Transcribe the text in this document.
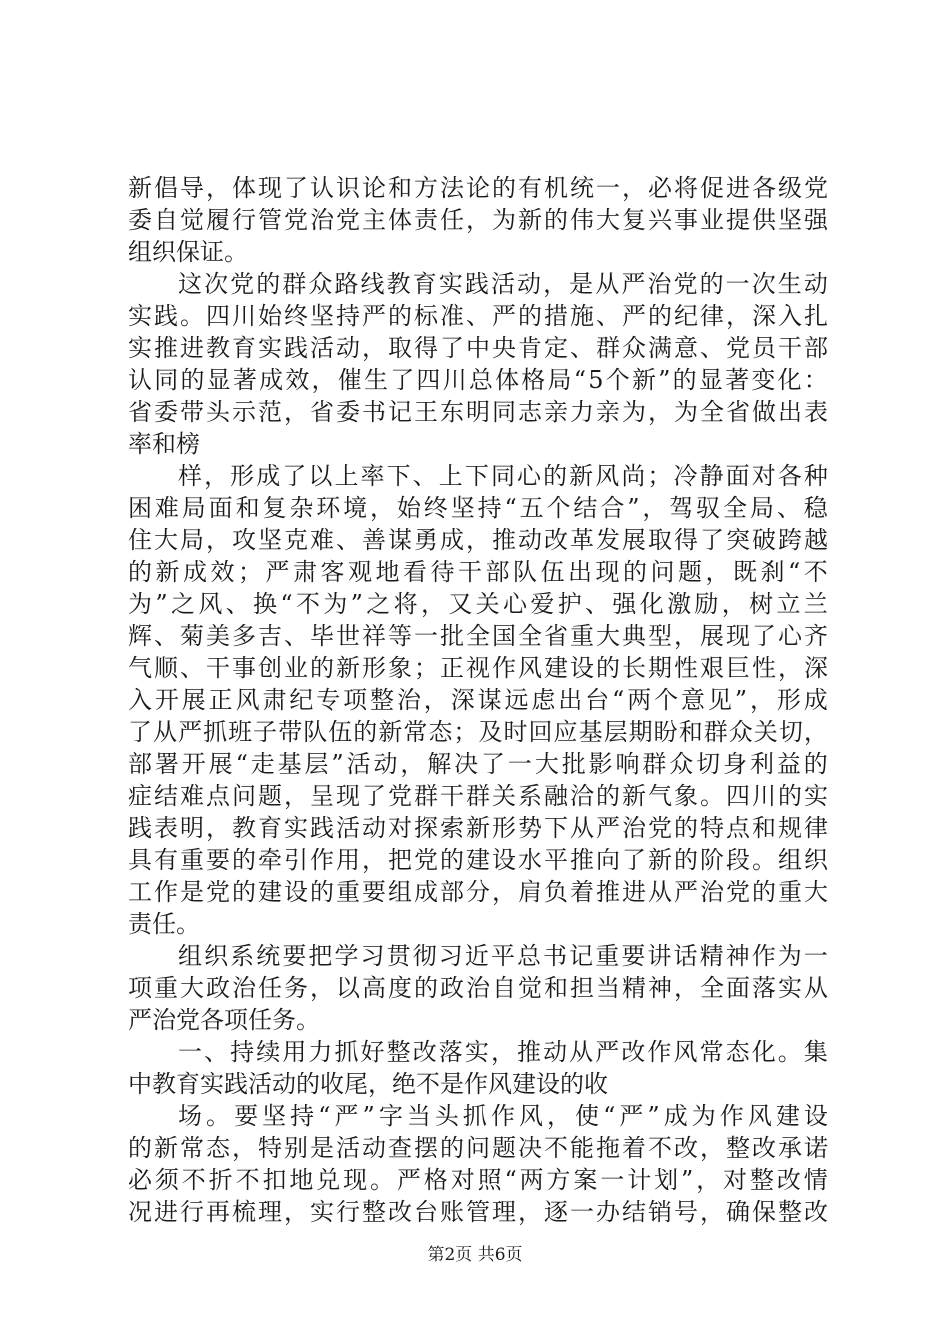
新 倡 导 ， 体 现 了 认 识 论 和 方 法 论 的 有 机 统 一 ， 必 将 促 进 各 级 党
委 自 觉 履 行 管 党 治 党 主 体 责 任 ， 为 新 的 伟 大 复 兴 事 业 提 供 坚 强
组 织 保 证 。
这 次 党 的 群 众 路 线 教 育 实 践 活 动 ， 是 从 严 治 党 的 一 次 生 动
实 践 。 四 川 始 终 坚 持 严 的 标 准 、 严 的 措 施 、 严 的 纪 律 ， 深 入 扎
实 推 进 教 育 实 践 活 动 ， 取 得 了 中 央 肯 定 、 群 众 满 意 、 党 员 干 部
认 同 的 显 著 成 效 ， 催 生 了 四 川 总 体 格 局 “ 5 个 新 ” 的 显 著 变 化 ：
省 委 带 头 示 范 ， 省 委 书 记 王 东 明 同 志 亲 力 亲 为 ， 为 全 省 做 出 表
率 和 榜
样 ， 形 成 了 以 上 率 下 、 上 下 同 心 的 新 风 尚 ； 冷 静 面 对 各 种
困 难 局 面 和 复 杂 环 境 ， 始 终 坚 持 “ 五 个 结 合 ” ， 驾 驭 全 局 、 稳
住 大 局 ， 攻 坚 克 难 、 善 谋 勇 成 ， 推 动 改 革 发 展 取 得 了 突 破 跨 越
的 新 成 效 ； 严 肃 客 观 地 看 待 干 部 队 伍 出 现 的 问 题 ， 既 刹 “ 不
为 ” 之 风 、 换 “ 不 为 ” 之 将 ， 又 关 心 爱 护 、 强 化 激 励 ， 树 立 兰
辉 、 菊 美 多 吉 、 毕 世 祥 等 一 批 全 国 全 省 重 大 典 型 ， 展 现 了 心 齐
气 顺 、 干 事 创 业 的 新 形 象 ； 正 视 作 风 建 设 的 长 期 性 艰 巨 性 ， 深
入 开 展 正 风 肃 纪 专 项 整 治 ， 深 谋 远 虑 出 台 “ 两 个 意 见 ” ， 形 成
了 从 严 抓 班 子 带 队 伍 的 新 常 态 ； 及 时 回 应 基 层 期 盼 和 群 众 关 切 ，
部 署 开 展 “ 走 基 层 ” 活 动 ， 解 决 了 一 大 批 影 响 群 众 切 身 利 益 的
症 结 难 点 问 题 ， 呈 现 了 党 群 干 群 关 系 融 洽 的 新 气 象 。 四 川 的 实
践 表 明 ， 教 育 实 践 活 动 对 探 索 新 形 势 下 从 严 治 党 的 特 点 和 规 律
具 有 重 要 的 牵 引 作 用 ， 把 党 的 建 设 水 平 推 向 了 新 的 阶 段 。 组 织
工 作 是 党 的 建 设 的 重 要 组 成 部 分 ， 肩 负 着 推 进 从 严 治 党 的 重 大
责 任 。
组 织 系 统 要 把 学 习 贯 彻 习 近 平 总 书 记 重 要 讲 话 精 神 作 为 一
项 重 大 政 治 任 务 ， 以 高 度 的 政 治 自 觉 和 担 当 精 神 ， 全 面 落 实 从
严 治 党 各 项 任 务 。
一 、 持 续 用 力 抓 好 整 改 落 实 ， 推 动 从 严 改 作 风 常 态 化 。 集
中 教 育 实 践 活 动 的 收 尾 ， 绝 不 是 作 风 建 设 的 收
场 。 要 坚 持 “ 严 ” 字 当 头 抓 作 风 ， 使 “ 严 ” 成 为 作 风 建 设
的 新 常 态 ， 特 别 是 活 动 查 摆 的 问 题 决 不 能 拖 着 不 改 ， 整 改 承 诺
必 须 不 折 不 扣 地 兑 现 。 严 格 对 照 “ 两 方 案 一 计 划 ” ， 对 整 改 情
况 进 行 再 梳 理 ， 实 行 整 改 台 账 管 理 ， 逐 一 办 结 销 号 ， 确 保 整 改
第2页 共6页
